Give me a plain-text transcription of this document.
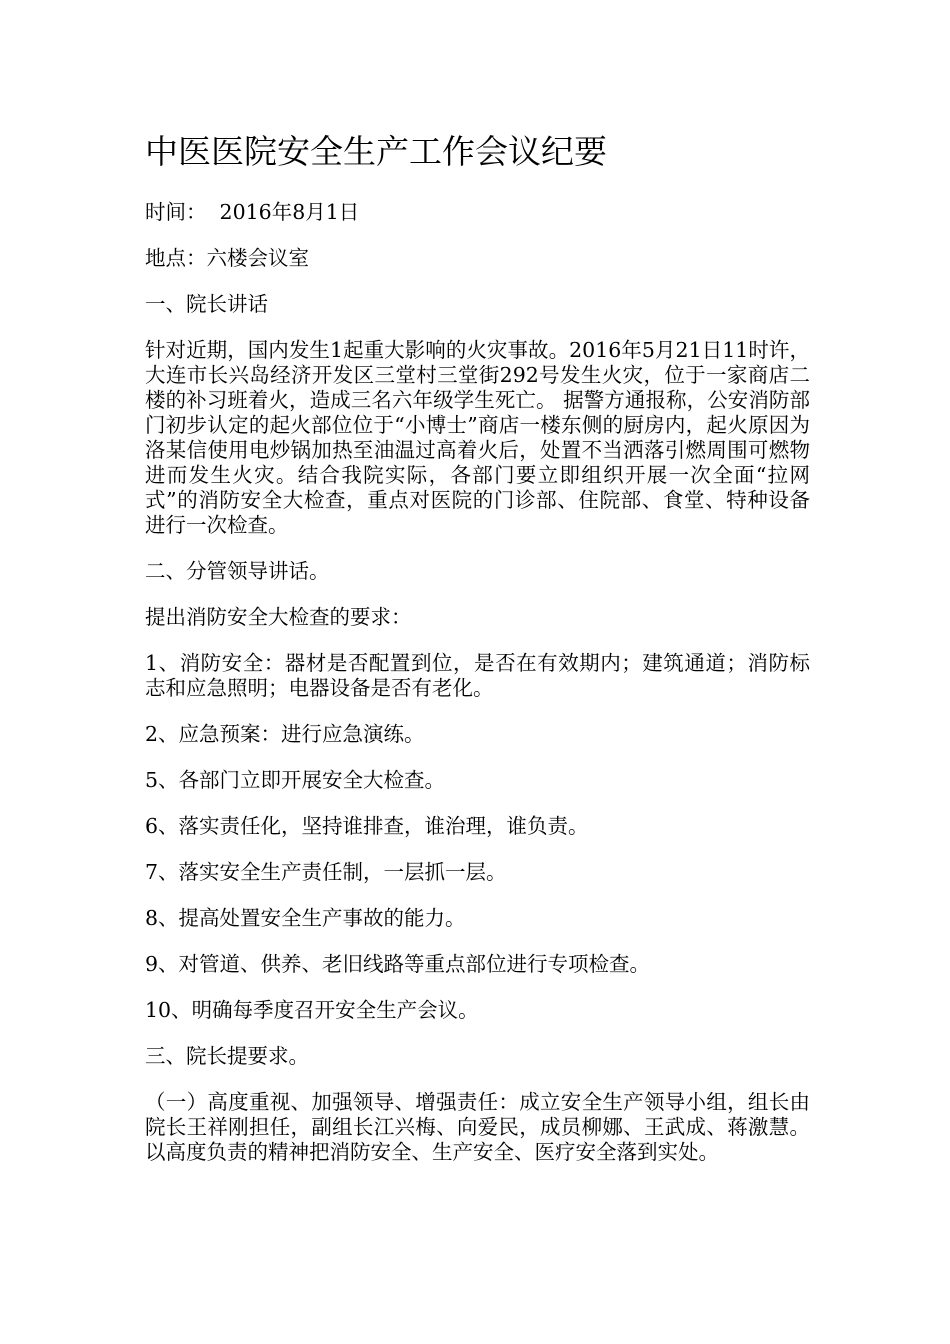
中医医院安全生产工作会议纪要

时间：  2016年8月1日

地点：六楼会议室

一、院长讲话

针对近期，国内发生1起重大影响的火灾事故。2016年5月21日11时许，大连市长兴岛经济开发区三堂村三堂街292号发生火灾，位于一家商店二楼的补习班着火，造成三名六年级学生死亡。 据警方通报称，公安消防部门初步认定的起火部位位于“小博士”商店一楼东侧的厨房内，起火原因为洛某信使用电炒锅加热至油温过高着火后，处置不当洒落引燃周围可燃物进而发生火灾。结合我院实际，各部门要立即组织开展一次全面“拉网式”的消防安全大检查，重点对医院的门诊部、住院部、食堂、特种设备进行一次检查。

二、分管领导讲话。

提出消防安全大检查的要求：

1、消防安全：器材是否配置到位，是否在有效期内；建筑通道；消防标志和应急照明；电器设备是否有老化。

2、应急预案：进行应急演练。

5、各部门立即开展安全大检查。

6、落实责任化，坚持谁排查，谁治理，谁负责。

7、落实安全生产责任制，一层抓一层。

8、提高处置安全生产事故的能力。

9、对管道、供养、老旧线路等重点部位进行专项检查。

10、明确每季度召开安全生产会议。

三、院长提要求。

（一）高度重视、加强领导、增强责任：成立安全生产领导小组，组长由院长王祥刚担任，副组长江兴梅、向爱民，成员柳娜、王武成、蒋激慧。以高度负责的精神把消防安全、生产安全、医疗安全落到实处。
